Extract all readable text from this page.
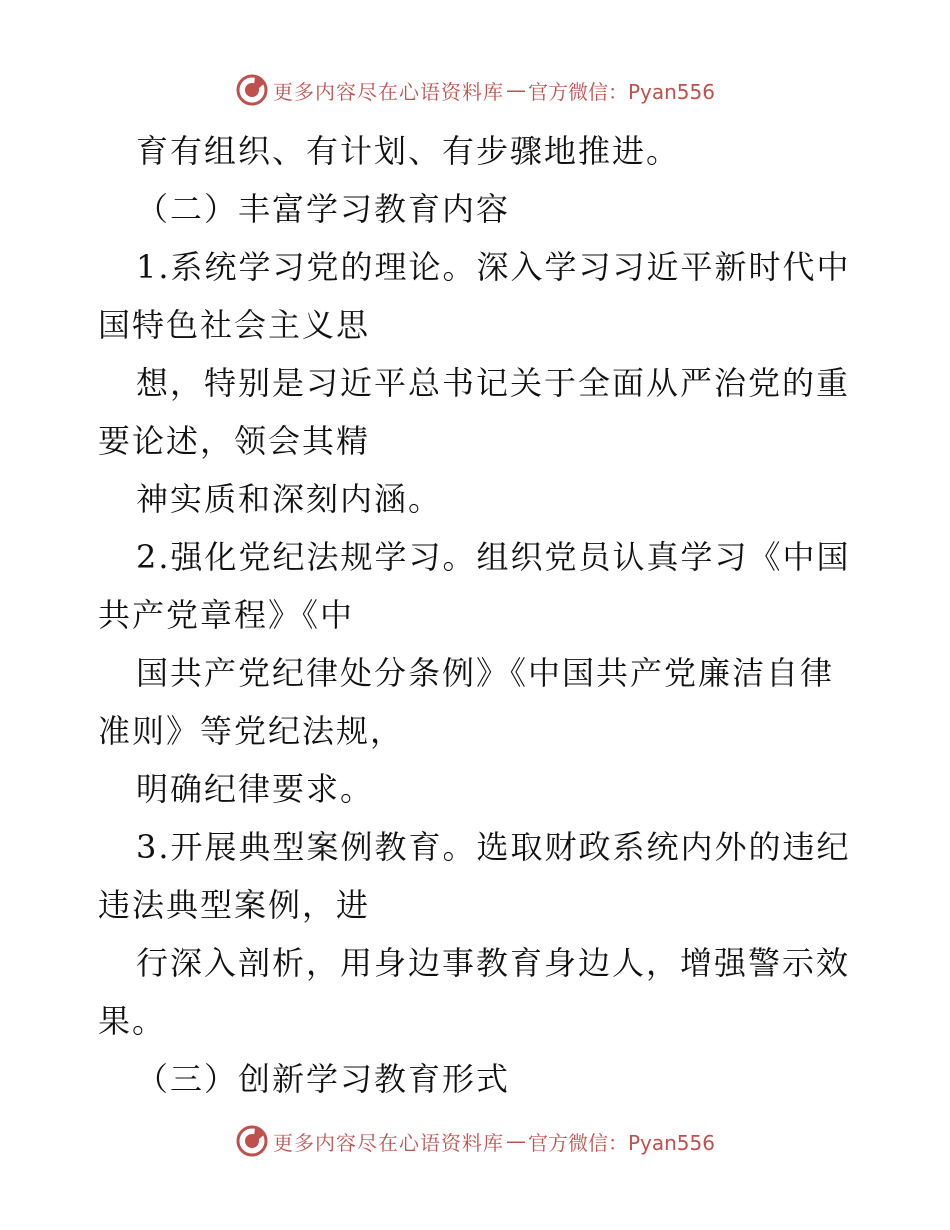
更多内容尽在心语资料库 — 官方微信：Pyan556
育有组织、有计划、有步骤地推进。
（二）丰富学习教育内容
1.系统学习党的理论。深入学习习近平新时代中
国特色社会主义思
想，特别是习近平总书记关于全面从严治党的重
要论述，领会其精
神实质和深刻内涵。
2.强化党纪法规学习。组织党员认真学习《中国
共产党章程》《中
国共产党纪律处分条例》《中国共产党廉洁自律
准则》等党纪法规，
明确纪律要求。
3.开展典型案例教育。选取财政系统内外的违纪
违法典型案例，进
行深入剖析，用身边事教育身边人，增强警示效
果。
（三）创新学习教育形式
更多内容尽在心语资料库 — 官方微信：Pyan556
